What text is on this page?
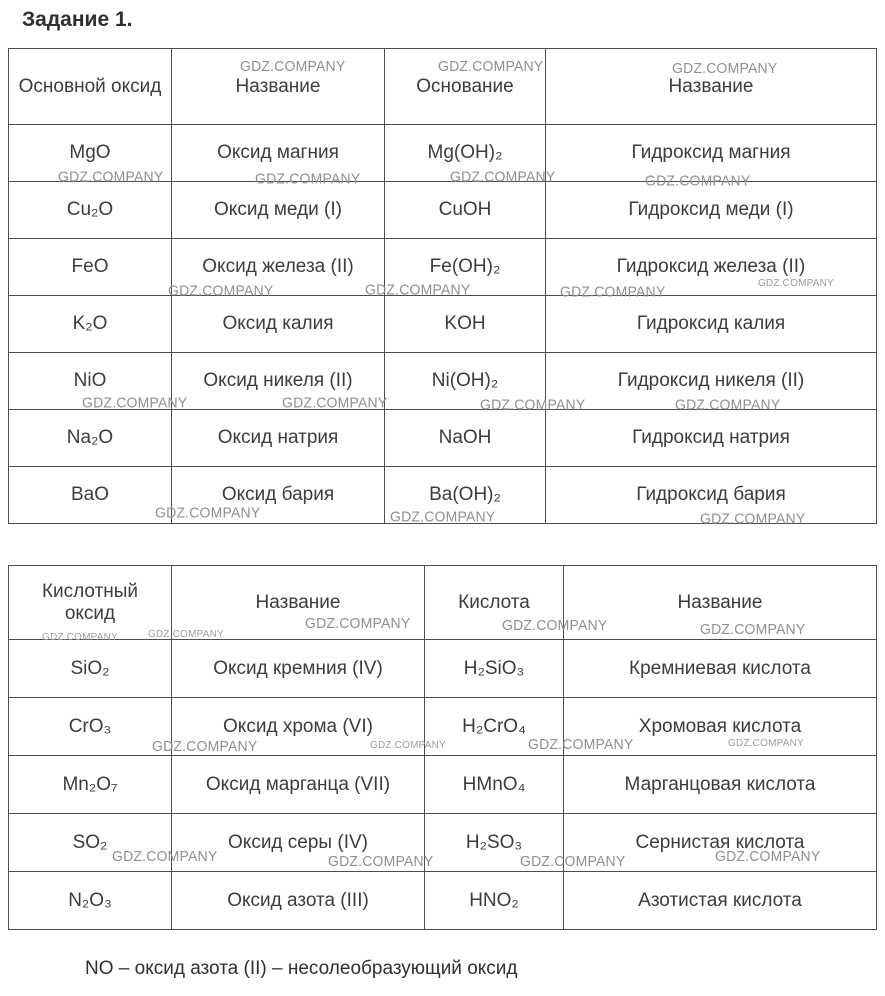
Задание 1.
Основной оксид	Название	Основание	Название
MgO	Оксид магния	Mg(OH)₂	Гидроксид магния
Cu₂O	Оксид меди (I)	CuOH	Гидроксид меди (I)
FeO	Оксид железа (II)	Fe(OH)₂	Гидроксид железа (II)
K₂O	Оксид калия	KOH	Гидроксид калия
NiO	Оксид никеля (II)	Ni(OH)₂	Гидроксид никеля (II)
Na₂O	Оксид натрия	NaOH	Гидроксид натрия
BaO	Оксид бария	Ba(OH)₂	Гидроксид бария
Кислотный оксид	Название	Кислота	Название
SiO₂	Оксид кремния (IV)	H₂SiO₃	Кремниевая кислота
CrO₃	Оксид хрома (VI)	H₂CrO₄	Хромовая кислота
Mn₂O₇	Оксид марганца (VII)	HMnO₄	Марганцовая кислота
SO₂	Оксид серы (IV)	H₂SO₃	Сернистая кислота
N₂O₃	Оксид азота (III)	HNO₂	Азотистая кислота
NO – оксид азота (II) – несолеобразующий оксид
GDZ.COMPANY	GDZ.COMPANY	GDZ.COMPANY
GDZ.COMPANY	GDZ.COMPANY	GDZ.COMPANY	GDZ.COMPANY
GDZ.COMPANY	GDZ.COMPANY	GDZ.COMPANY	GDZ.COMPANY
GDZ.COMPANY	GDZ.COMPANY	GDZ.COMPANY	GDZ.COMPANY
GDZ.COMPANY	GDZ.COMPANY	GDZ.COMPANY
GDZ.COMPANY	GDZ.COMPANY	GDZ.COMPANY
GDZ.COMPANY	GDZ.COMPANY
GDZ.COMPANY	GDZ.COMPANY	GDZ.COMPANY	GDZ.COMPANY
GDZ.COMPANY	GDZ.COMPANY	GDZ.COMPANY	GDZ.COMPANY
